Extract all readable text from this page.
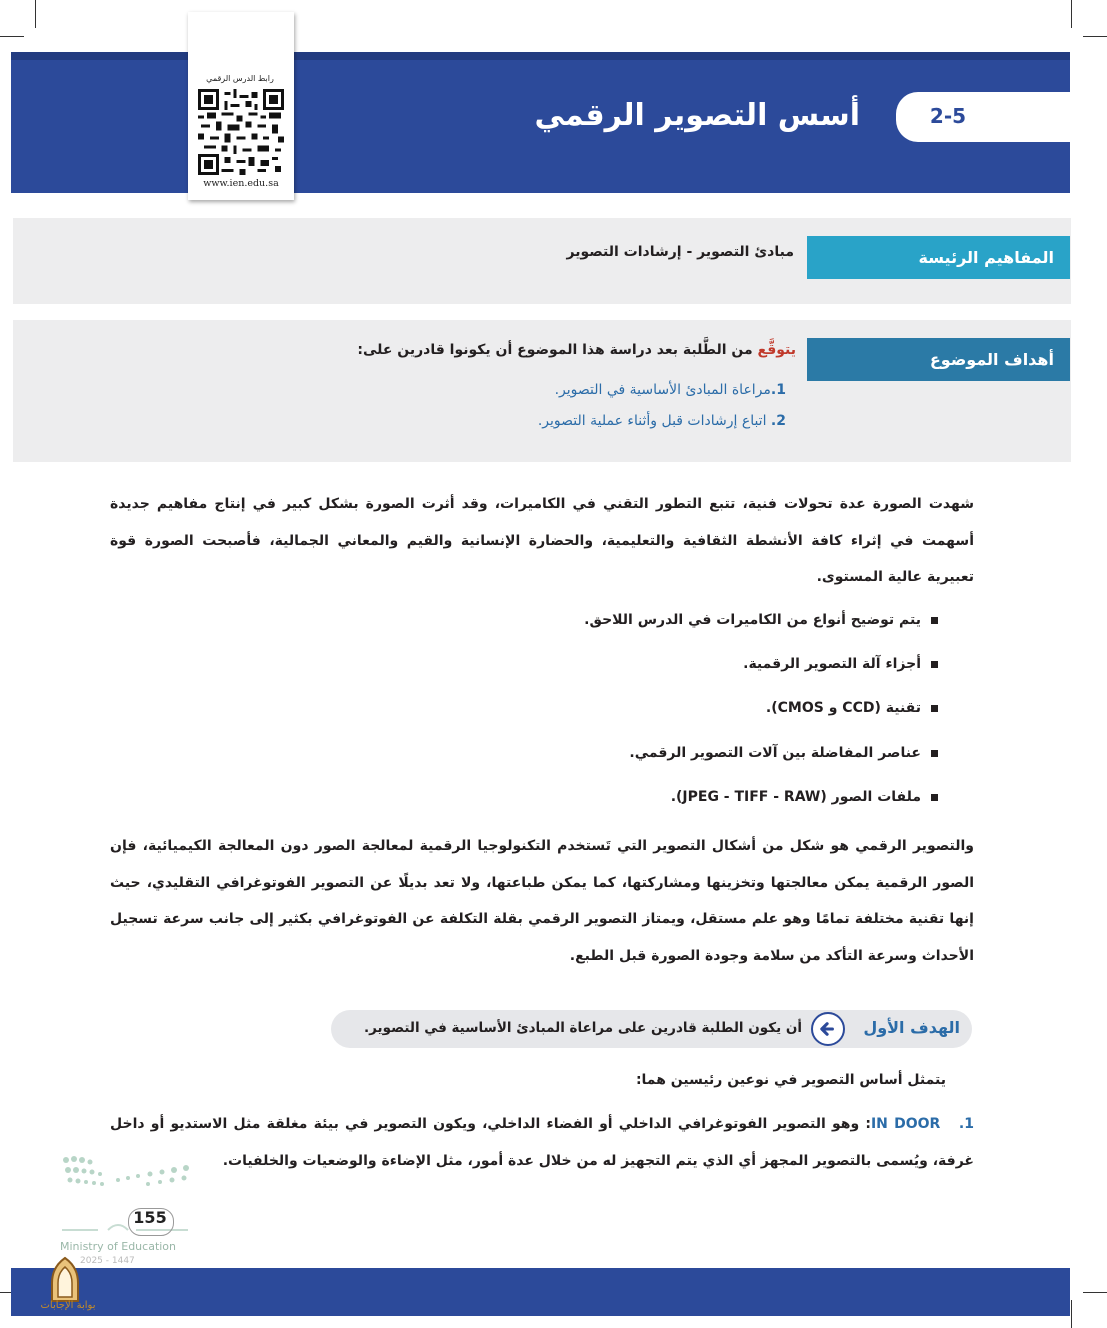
2-5
أسس التصوير الرقمي
رابط الدرس الرقمي
www.ien.edu.sa
المفاهيم الرئيسة
مبادئ التصوير - إرشادات التصوير
أهداف الموضوع
يتوقَّع من الطَّلبة بعد دراسة هذا الموضوع أن يكونوا قادرين على:
1.مراعاة المبادئ الأساسية في التصوير.
2. اتباع إرشادات قبل وأثناء عملية التصوير.
شهدت الصورة عدة تحولات فنية، تتبع التطور التقني في الكاميرات، وقد أثرت الصورة بشكل كبير في إنتاج مفاهيم جديدة أسهمت في إثراء كافة الأنشطة الثقافية والتعليمية، والحضارة الإنسانية والقيم والمعاني الجمالية، فأصبحت الصورة قوة تعبيرية عالية المستوى.
يتم توضيح أنواع من الكاميرات في الدرس اللاحق.
أجزاء آلة التصوير الرقمية.
تقنية (CCD و CMOS).
عناصر المفاضلة بين آلات التصوير الرقمي.
ملفات الصور (JPEG - TIFF - RAW).
والتصوير الرقمي هو شكل من أشكال التصوير التي تَستخدم التكنولوجيا الرقمية لمعالجة الصور دون المعالجة الكيميائية، فإن الصور الرقمية يمكن معالجتها وتخزينها ومشاركتها، كما يمكن طباعتها، ولا تعد بديلًا عن التصوير الفوتوغرافي التقليدي، حيث إنها تقنية مختلفة تمامًا وهو علم مستقل، ويمتاز التصوير الرقمي بقلة التكلفة عن الفوتوغرافي بكثير إلى جانب سرعة تسجيل الأحداث وسرعة التأكد من سلامة وجودة الصورة قبل الطبع.
الهدف الأول
أن يكون الطلبة قادرين على مراعاة المبادئ الأساسية في التصوير.
يتمثل أساس التصوير في نوعين رئيسين هما:
1.   IN DOOR: وهو التصوير الفوتوغرافي الداخلي أو الفضاء الداخلي، ويكون التصوير في بيئة مغلقة مثل الاستديو أو داخل غرفة، ويُسمى بالتصوير المجهز أي الذي يتم التجهيز له من خلال عدة أمور، مثل الإضاءة والوضعيات والخلفيات.
155
Ministry of Education
2025 - 1447
بوابة الإجابات
